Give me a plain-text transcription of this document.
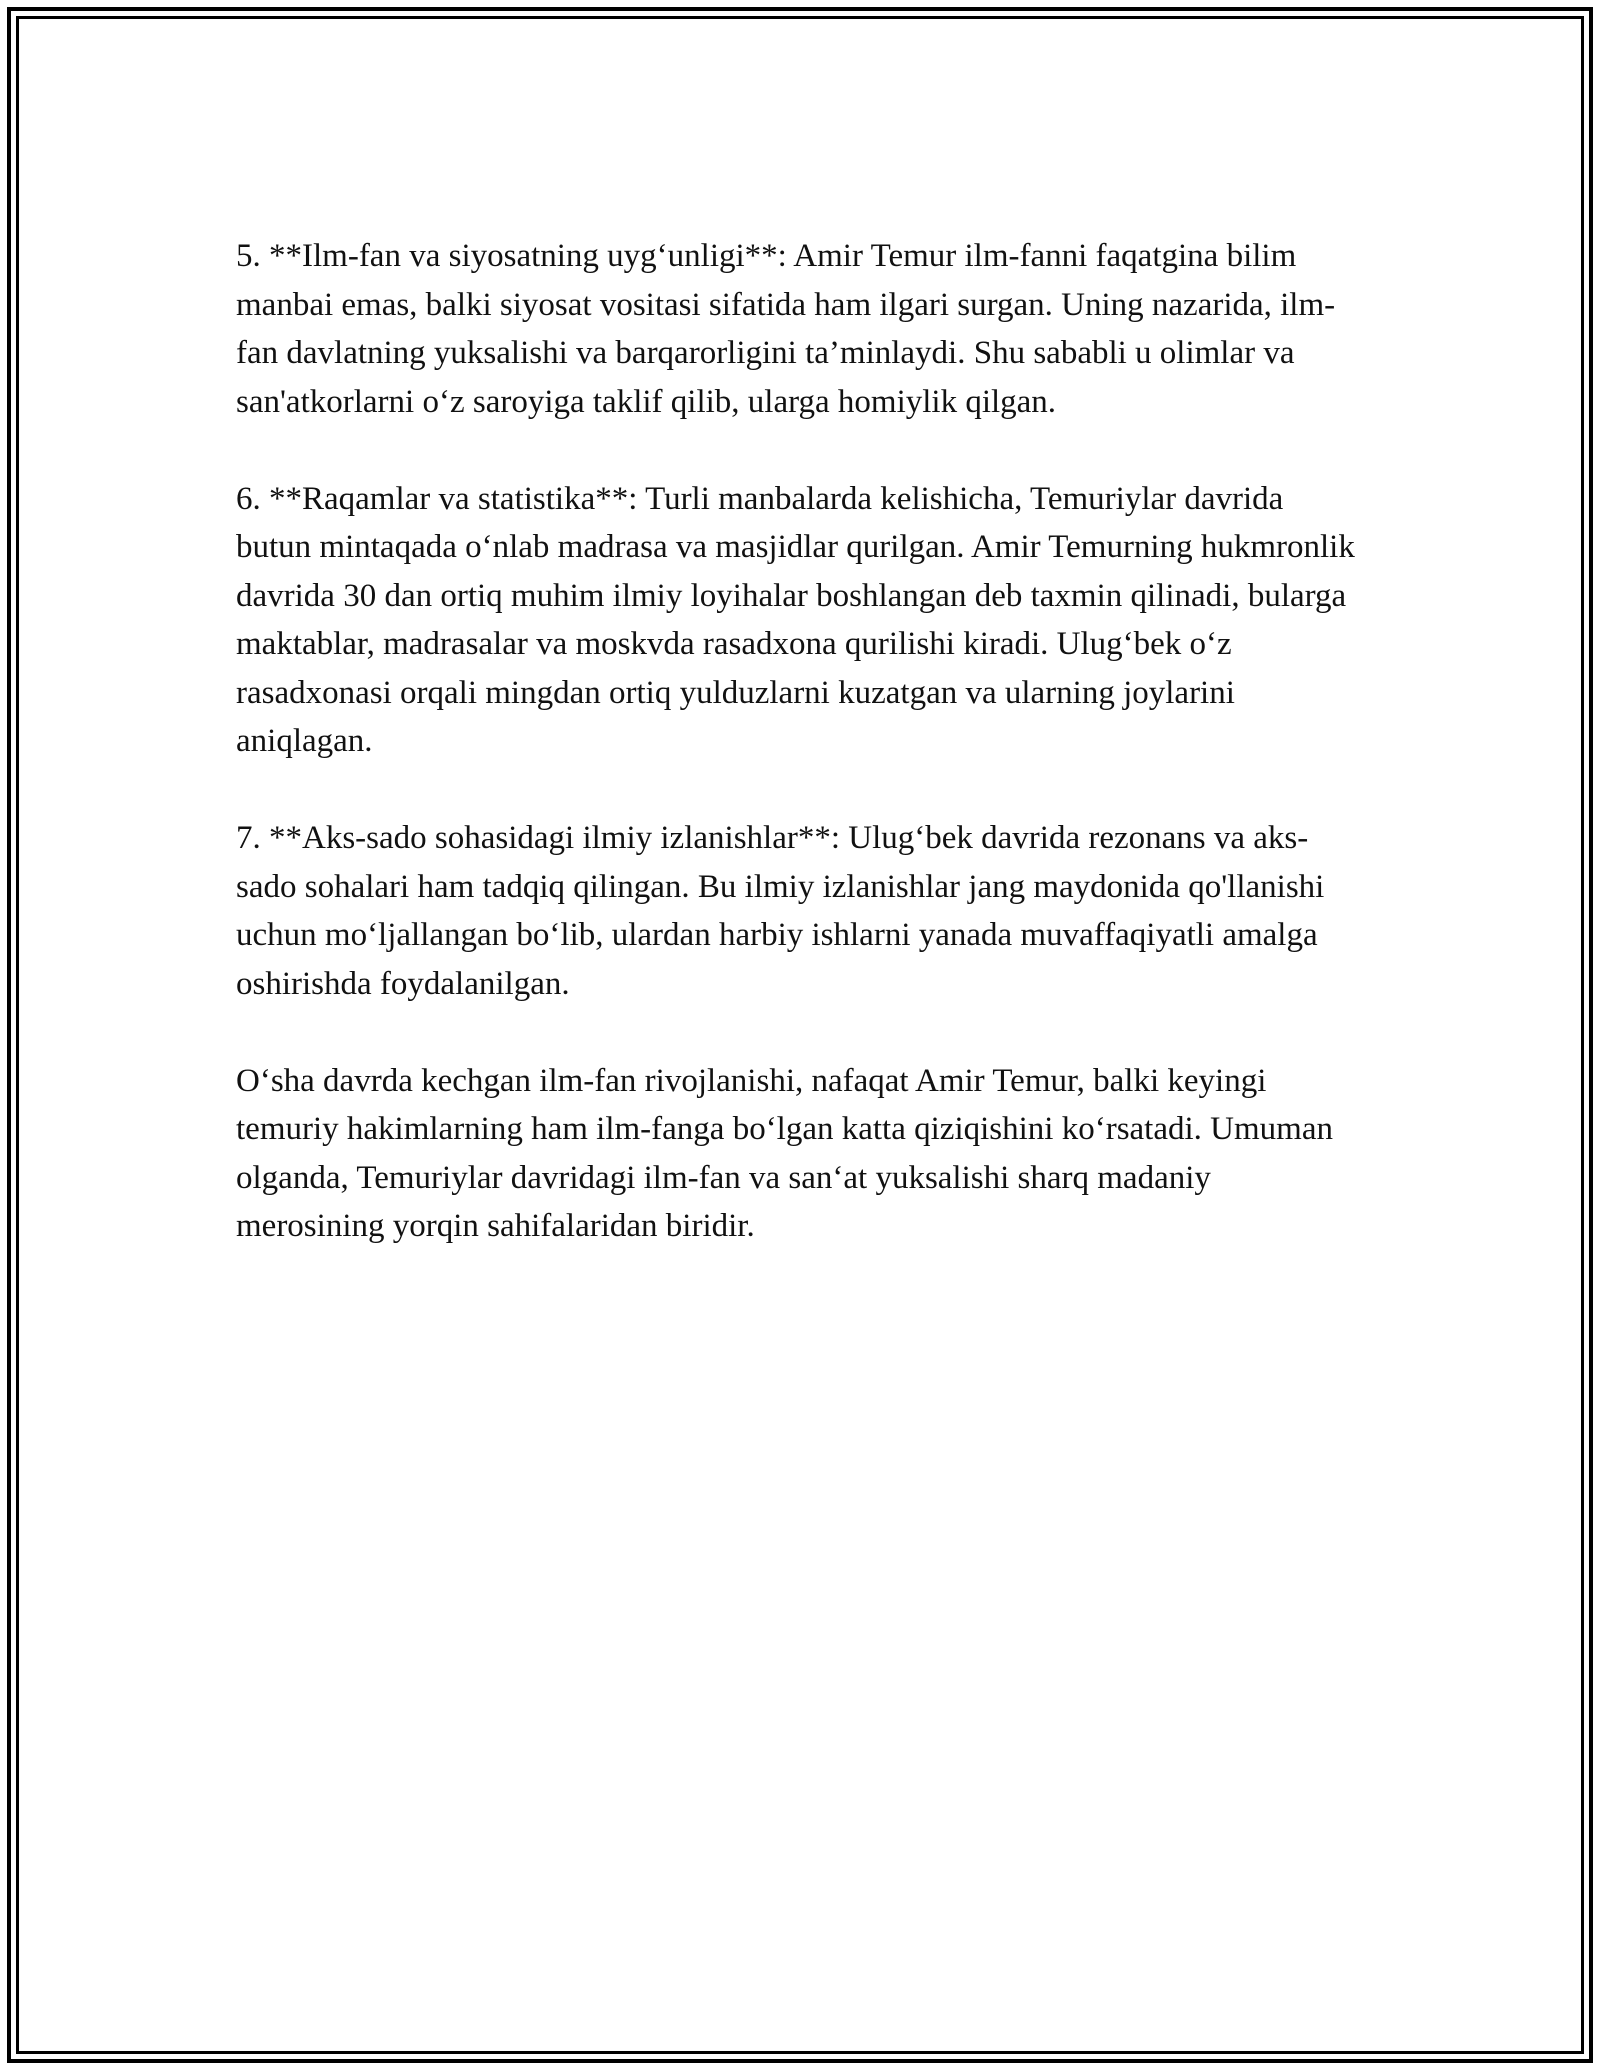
5. **Ilm-fan va siyosatning uyg‘unligi**: Amir Temur ilm-fanni faqatgina bilim manbai emas, balki siyosat vositasi sifatida ham ilgari surgan. Uning nazarida, ilm-fan davlatning yuksalishi va barqarorligini ta’minlaydi. Shu sababli u olimlar va san'atkorlarni o‘z saroyiga taklif qilib, ularga homiylik qilgan.

6. **Raqamlar va statistika**: Turli manbalarda kelishicha, Temuriylar davrida butun mintaqada o‘nlab madrasa va masjidlar qurilgan. Amir Temurning hukmronlik davrida 30 dan ortiq muhim ilmiy loyihalar boshlangan deb taxmin qilinadi, bularga maktablar, madrasalar va moskvda rasadxona qurilishi kiradi. Ulug‘bek o‘z rasadxonasi orqali mingdan ortiq yulduzlarni kuzatgan va ularning joylarini aniqlagan.

7. **Aks-sado sohasidagi ilmiy izlanishlar**: Ulug‘bek davrida rezonans va aks-sado sohalari ham tadqiq qilingan. Bu ilmiy izlanishlar jang maydonida qo'llanishi uchun mo‘ljallangan bo‘lib, ulardan harbiy ishlarni yanada muvaffaqiyatli amalga oshirishda foydalanilgan.

O‘sha davrda kechgan ilm-fan rivojlanishi, nafaqat Amir Temur, balki keyingi temuriy hakimlarning ham ilm-fanga bo‘lgan katta qiziqishini ko‘rsatadi. Umuman olganda, Temuriylar davridagi ilm-fan va san‘at yuksalishi sharq madaniy merosining yorqin sahifalaridan biridir.
